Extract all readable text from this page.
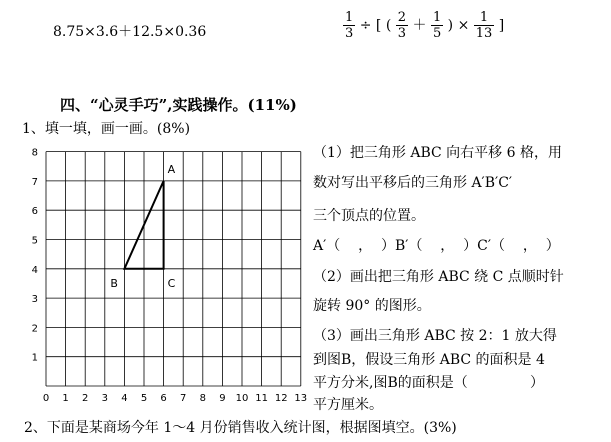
8.75×3.6＋12.5×0.36	$\frac{1}{3}$ ÷ [ ( $\frac{2}{3} + \frac{1}{5}$ ) × $\frac{1}{13}$ ]
四、“心灵手巧”,实践操作。(11%)
1、填一填，画一画。(8%)
0 1 2 3 4 5 6 7 8 9 10 11 12 13
1
2
3
4
5
6
7
8
A
B	C
（1）把三角形 ABC 向右平移 6 格，用
数对写出平移后的三角形 A′B′C′
三个顶点的位置。
A′（    ，  ）B′（    ，  ）C′（    ，  ）
（2）画出把三角形 ABC 绕 C 点顺时针
旋转 90° 的图形。
（3）画出三角形 ABC 按 2：1 放大得
到图B，假设三角形 ABC 的面积是 4
平方分米,图B的面积是（              ）
平方厘米。
2、下面是某商场今年 1～4 月份销售收入统计图，根据图填空。(3%)
